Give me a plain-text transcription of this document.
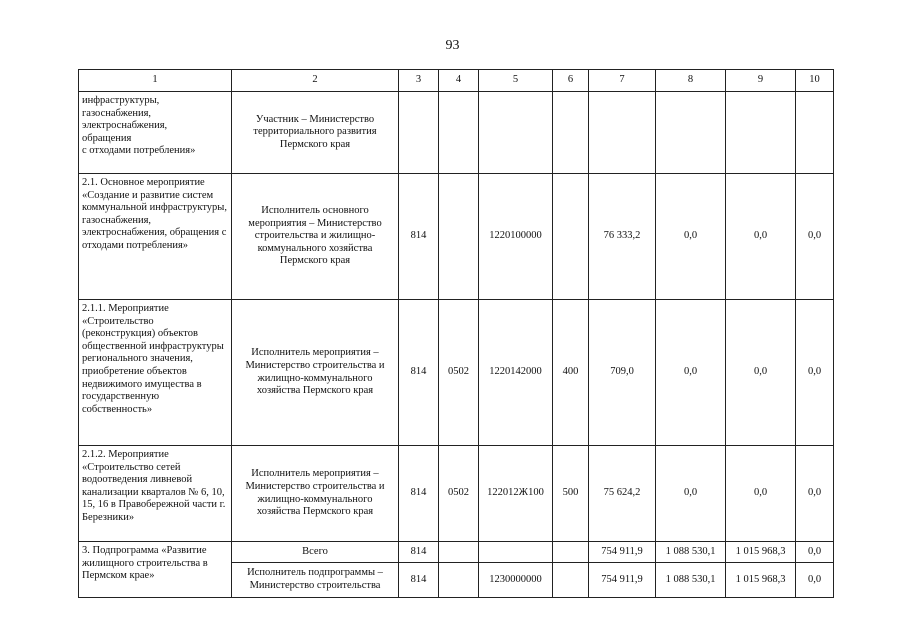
93
1	2	3	4	5	6	7	8	9	10
инфраструктуры,
газоснабжения,
электроснабжения,
обращения
с отходами потребления»	Участник – Министерство территориального развития Пермского края								
2.1. Основное мероприятие «Создание и развитие систем коммунальной инфраструктуры, газоснабжения, электроснабжения, обращения с отходами потребления»	Исполнитель основного мероприятия – Министерство строительства и жилищно-коммунального хозяйства Пермского края	814		1220100000		76 333,2	0,0	0,0	0,0
2.1.1. Мероприятие «Строительство (реконструкция) объектов общественной инфраструктуры регионального значения, приобретение объектов недвижимого имущества в государственную собственность»	Исполнитель мероприятия – Министерство строительства и жилищно-коммунального хозяйства Пермского края	814	0502	1220142000	400	709,0	0,0	0,0	0,0
2.1.2. Мероприятие «Строительство сетей водоотведения ливневой канализации кварталов № 6, 10, 15, 16 в Правобережной части г. Березники»	Исполнитель мероприятия – Министерство строительства и жилищно-коммунального хозяйства Пермского края	814	0502	122012Ж100	500	75 624,2	0,0	0,0	0,0
3. Подпрограмма «Развитие жилищного строительства в Пермском крае»	Всего	814				754 911,9	1 088 530,1	1 015 968,3	0,0
	Исполнитель подпрограммы – Министерство строительства	814		1230000000		754 911,9	1 088 530,1	1 015 968,3	0,0
